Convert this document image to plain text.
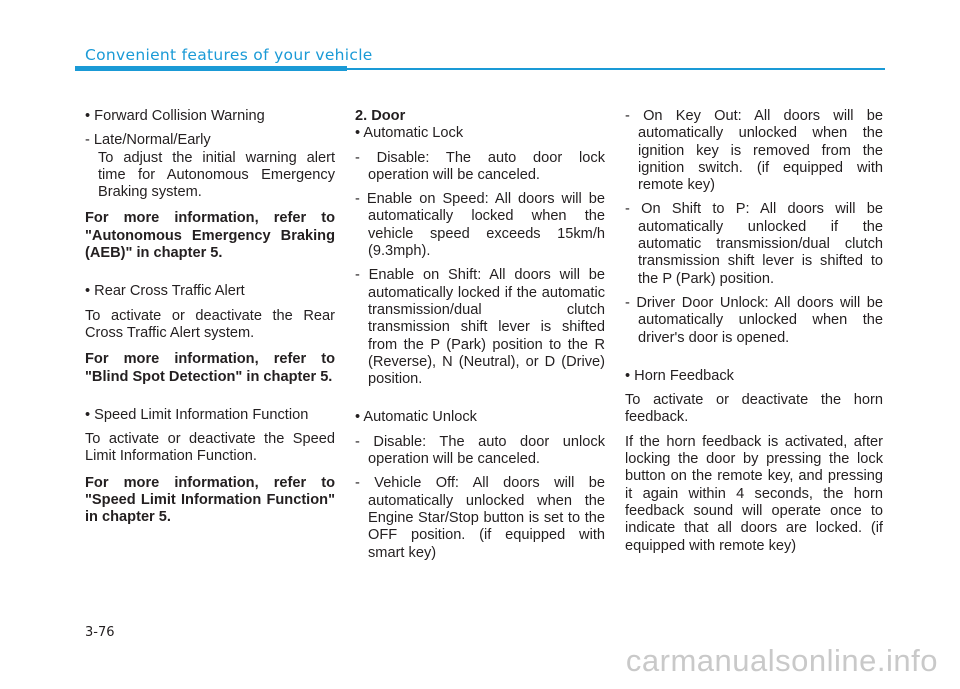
Convenient features of your vehicle

• Forward Collision Warning

- Late/Normal/Early

To adjust the initial warning alert time for Autonomous Emergency Braking system.

For more information, refer to "Autonomous Emergency Braking (AEB)" in chapter 5.

• Rear Cross Traffic Alert

To activate or deactivate the Rear Cross Traffic Alert system.

For more information, refer to "Blind Spot Detection" in chapter 5.

• Speed Limit Information Function

To activate or deactivate the Speed Limit Information Function.

For more information, refer to "Speed Limit Information Function" in chapter 5.

2. Door

• Automatic Lock

- Disable: The auto door lock operation will be canceled.

- Enable on Speed: All doors will be automatically locked when the vehicle speed exceeds 15km/h (9.3mph).

- Enable on Shift: All doors will be automatically locked if the automatic transmission/dual clutch transmission shift lever is shifted from the P (Park) position to the R (Reverse), N (Neutral), or D (Drive) position.

• Automatic Unlock

- Disable: The auto door unlock operation will be canceled.

- Vehicle Off: All doors will be automatically unlocked when the Engine Star/Stop button is set to the OFF position. (if equipped with smart key)

- On Key Out: All doors will be automatically unlocked when the ignition key is removed from the ignition switch. (if equipped with remote key)

- On Shift to P: All doors will be automatically unlocked if the automatic transmission/dual clutch transmission shift lever is shifted to the P (Park) position.

- Driver Door Unlock: All doors will be automatically unlocked when the driver's door is opened.

• Horn Feedback

To activate or deactivate the horn feedback.

If the horn feedback is activated, after locking the door by pressing the lock button on the remote key, and pressing it again within 4 seconds, the horn feedback sound will operate once to indicate that all doors are locked. (if equipped with remote key)

3-76
carmanualsonline.info
